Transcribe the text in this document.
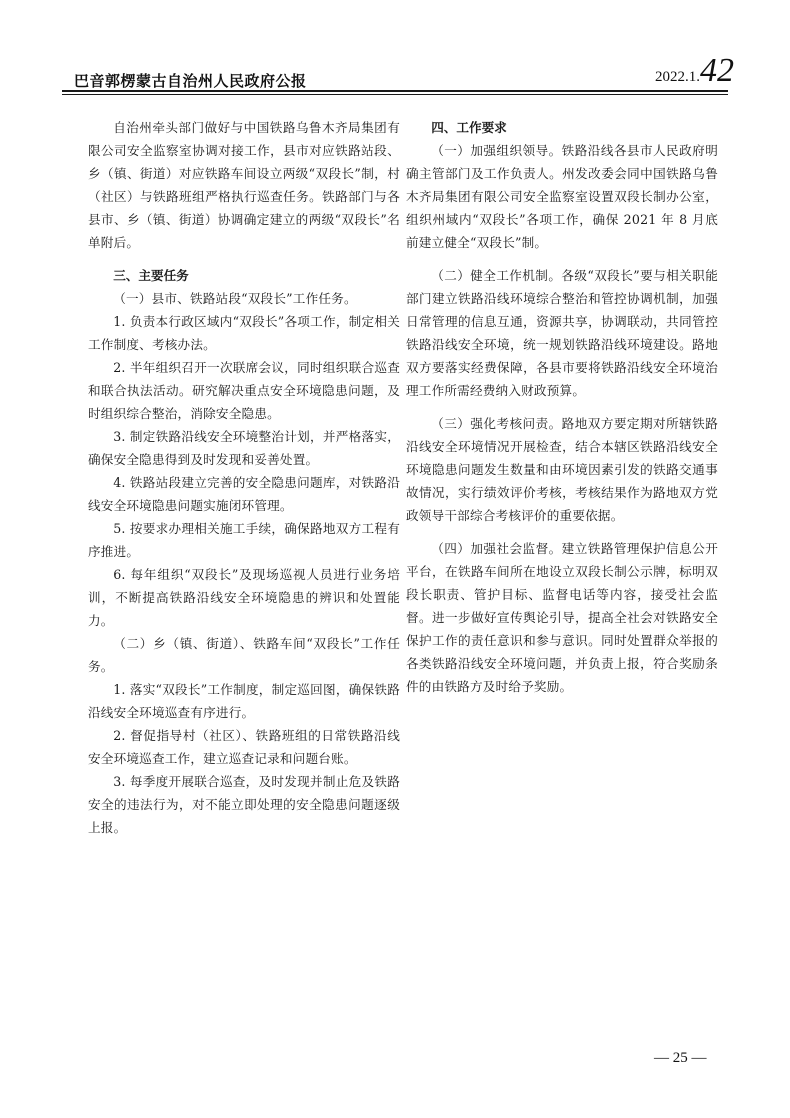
巴音郭楞蒙古自治州人民政府公报	2022.1.42

自治州牵头部门做好与中国铁路乌鲁木齐局集团有限公司安全监察室协调对接工作，县市对应铁路站段、乡（镇、街道）对应铁路车间设立两级“双段长”制，村（社区）与铁路班组严格执行巡查任务。铁路部门与各县市、乡（镇、街道）协调确定建立的两级“双段长”名单附后。

三、主要任务

（一）县市、铁路站段“双段长”工作任务。

1. 负责本行政区域内“双段长”各项工作，制定相关工作制度、考核办法。

2. 半年组织召开一次联席会议，同时组织联合巡查和联合执法活动。研究解决重点安全环境隐患问题，及时组织综合整治，消除安全隐患。

3. 制定铁路沿线安全环境整治计划，并严格落实，确保安全隐患得到及时发现和妥善处置。

4. 铁路站段建立完善的安全隐患问题库，对铁路沿线安全环境隐患问题实施闭环管理。

5. 按要求办理相关施工手续，确保路地双方工程有序推进。

6. 每年组织“双段长”及现场巡视人员进行业务培训，不断提高铁路沿线安全环境隐患的辨识和处置能力。

（二）乡（镇、街道）、铁路车间“双段长”工作任务。

1. 落实“双段长”工作制度，制定巡回图，确保铁路沿线安全环境巡查有序进行。

2. 督促指导村（社区）、铁路班组的日常铁路沿线安全环境巡查工作，建立巡查记录和问题台账。

3. 每季度开展联合巡查，及时发现并制止危及铁路安全的违法行为，对不能立即处理的安全隐患问题逐级上报。

四、工作要求

（一）加强组织领导。铁路沿线各县市人民政府明确主管部门及工作负责人。州发改委会同中国铁路乌鲁木齐局集团有限公司安全监察室设置双段长制办公室，组织州域内“双段长”各项工作，确保 2021 年 8 月底前建立健全“双段长”制。

（二）健全工作机制。各级“双段长”要与相关职能部门建立铁路沿线环境综合整治和管控协调机制，加强日常管理的信息互通，资源共享，协调联动，共同管控铁路沿线安全环境，统一规划铁路沿线环境建设。路地双方要落实经费保障，各县市要将铁路沿线安全环境治理工作所需经费纳入财政预算。

（三）强化考核问责。路地双方要定期对所辖铁路沿线安全环境情况开展检查，结合本辖区铁路沿线安全环境隐患问题发生数量和由环境因素引发的铁路交通事故情况，实行绩效评价考核，考核结果作为路地双方党政领导干部综合考核评价的重要依据。

（四）加强社会监督。建立铁路管理保护信息公开平台，在铁路车间所在地设立双段长制公示牌，标明双段长职责、管护目标、监督电话等内容，接受社会监督。进一步做好宣传舆论引导，提高全社会对铁路安全保护工作的责任意识和参与意识。同时处置群众举报的各类铁路沿线安全环境问题，并负责上报，符合奖励条件的由铁路方及时给予奖励。

— 25 —
